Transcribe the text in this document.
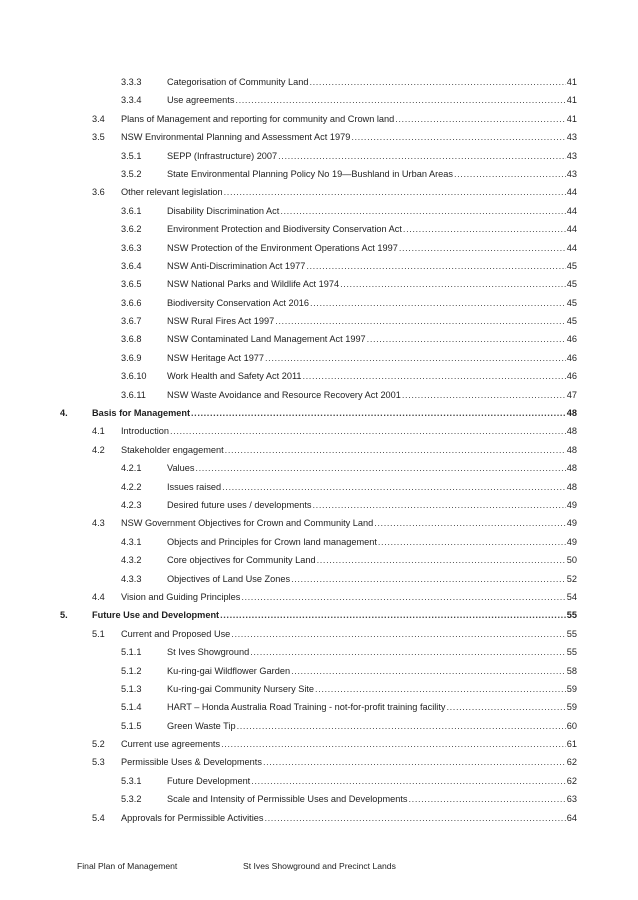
3.3.3	Categorisation of Community Land .....	41
3.3.4	Use agreements .....	41
3.4 Plans of Management and reporting for community and Crown land .....	41
3.5 NSW Environmental Planning and Assessment Act 1979 .....	43
3.5.1	SEPP (Infrastructure) 2007 .....	43
3.5.2	State Environmental Planning Policy No 19—Bushland in Urban Areas .....	43
3.6 Other relevant legislation .....	44
3.6.1	Disability Discrimination Act .....	44
3.6.2	Environment Protection and Biodiversity Conservation Act .....	44
3.6.3	NSW Protection of the Environment Operations Act 1997 .....	44
3.6.4	NSW Anti-Discrimination Act 1977 .....	45
3.6.5	NSW National Parks and Wildlife Act 1974 .....	45
3.6.6	Biodiversity Conservation Act 2016 .....	45
3.6.7	NSW Rural Fires Act 1997 .....	45
3.6.8	NSW Contaminated Land Management Act 1997 .....	46
3.6.9	NSW Heritage Act 1977 .....	46
3.6.10 Work Health and Safety Act 2011 .....	46
3.6.11 NSW Waste Avoidance and Resource Recovery Act 2001 .....	47
4.	Basis for Management .....	48
4.1 Introduction .....	48
4.2 Stakeholder engagement .....	48
4.2.1	Values .....	48
4.2.2	Issues raised .....	48
4.2.3	Desired future uses / developments .....	49
4.3 NSW Government Objectives for Crown and Community Land .....	49
4.3.1	Objects and Principles for Crown land management .....	49
4.3.2	Core objectives for Community Land .....	50
4.3.3	Objectives of Land Use Zones .....	52
4.4 Vision and Guiding Principles .....	54
5.	Future Use and Development .....	55
5.1 Current and Proposed Use .....	55
5.1.1	St Ives Showground .....	55
5.1.2	Ku-ring-gai Wildflower Garden .....	58
5.1.3	Ku-ring-gai Community Nursery Site .....	59
5.1.4	HART – Honda Australia Road Training - not-for-profit training facility .....	59
5.1.5	Green Waste Tip .....	60
5.2 Current use agreements .....	61
5.3 Permissible Uses & Developments .....	62
5.3.1	Future Development .....	62
5.3.2	Scale and Intensity of Permissible Uses and Developments .....	63
5.4 Approvals for Permissible Activities .....	64
Final Plan of Management	St Ives Showground and Precinct Lands
